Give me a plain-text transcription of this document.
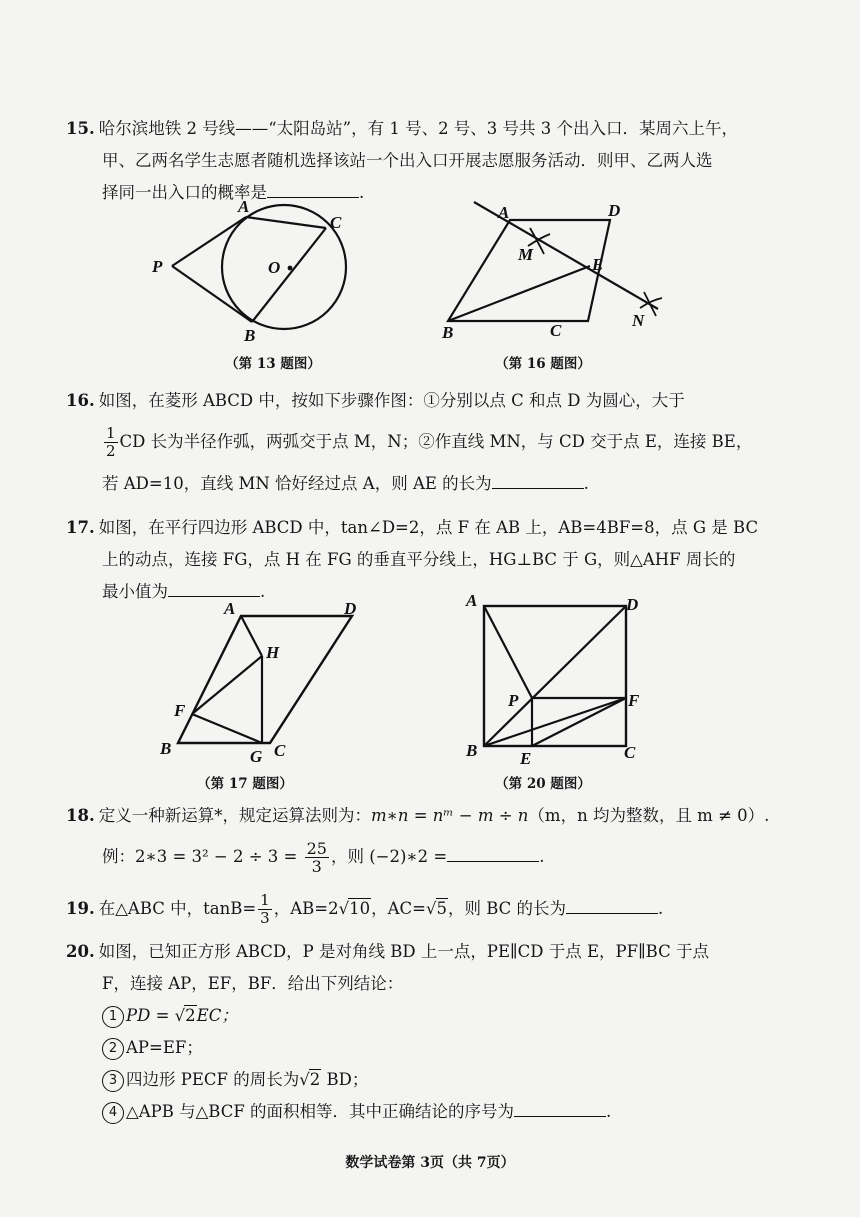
15. 哈尔滨地铁 2 号线——“太阳岛站”，有 1 号、2 号、3 号共 3 个出入口．某周六上午，
甲、乙两名学生志愿者随机选择该站一个出入口开展志愿服务活动．则甲、乙两人选
择同一出入口的概率是	.
A
C
P	O
B
（第 13 题图）
A	D
M
E
B	C
N
（第 16 题图）
16. 如图，在菱形 ABCD 中，按如下步骤作图：①分别以点 C 和点 D 为圆心，大于
$\frac{1}{2}$ CD 长为半径作弧，两弧交于点 M，N；②作直线 MN，与 CD 交于点 E，连接 BE，
若 AD=10，直线 MN 恰好经过点 A，则 AE 的长为	.
17. 如图，在平行四边形 ABCD 中，tan∠D=2，点 F 在 AB 上，AB=4BF=8，点 G 是 BC
上的动点，连接 FG，点 H 在 FG 的垂直平分线上，HG⊥BC 于 G，则△AHF 周长的
最小值为	.
A	D
H
F
B	G C
（第 17 题图）
A	D
P	F
B	E	C
（第 20 题图）
18. 定义一种新运算*，规定运算法则为：m∗n = nᵐ − m ÷ n（m，n 均为整数，且 m ≠ 0）.
例：2∗3 = $3^2 - 2 \div 3 = \frac{25}{3}$ ，则 (−2)∗2 =	.
19. 在△ABC 中，$\tan B= \frac{1}{3}$ ，AB=2√10，AC=√5，则 BC 的长为	.
20. 如图，已知正方形 ABCD，P 是对角线 BD 上一点，PE∥CD 于点 E，PF∥BC 于点
F，连接 AP，EF，BF．给出下列结论：
1 PD = √2EC；
2 AP=EF；
3 四边形 PECF 的周长为√2 BD；
4 △APB 与△BCF 的面积相等．其中正确结论的序号为	.
数学试卷第 3页（共 7页）
